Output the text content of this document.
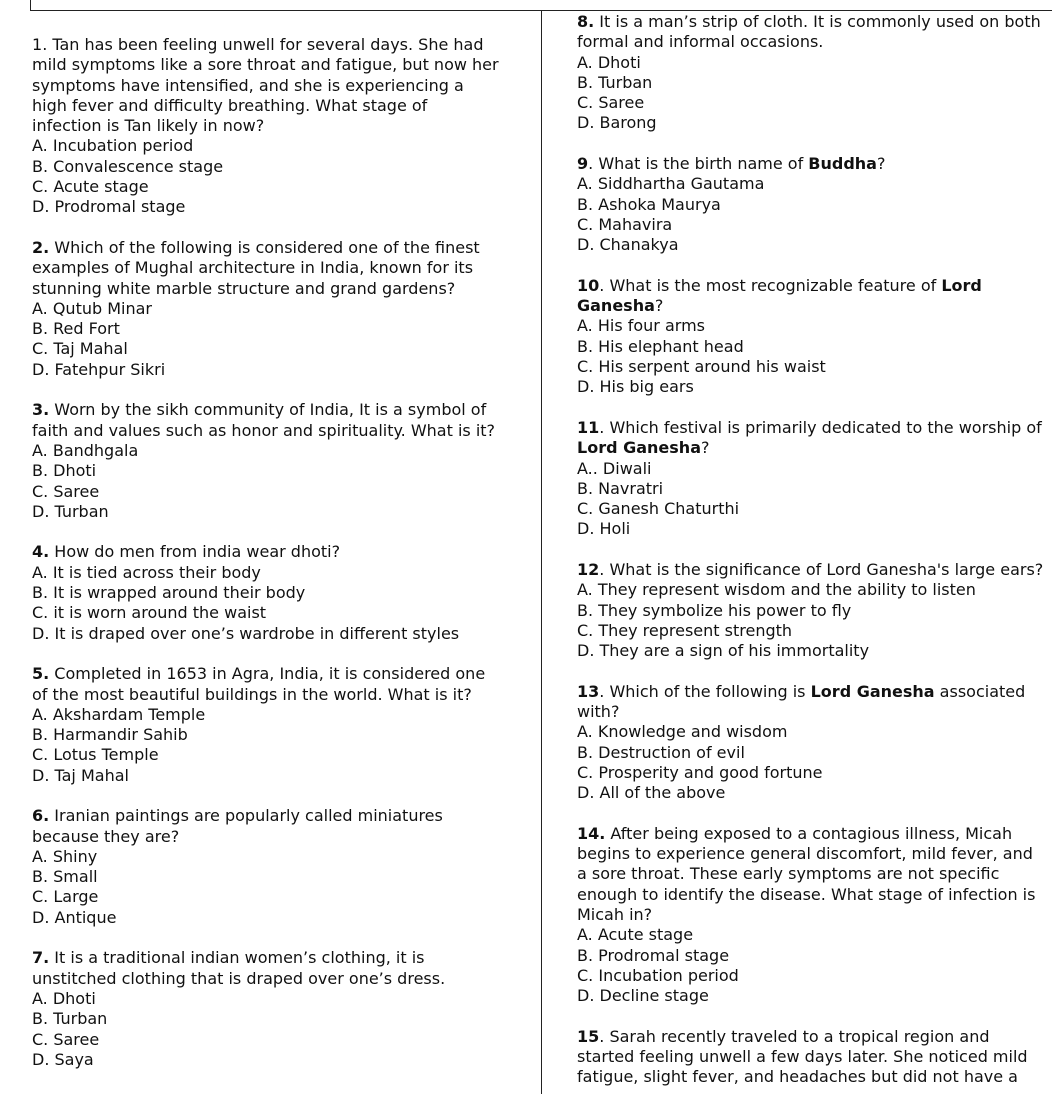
1. Tan has been feeling unwell for several days. She had
mild symptoms like a sore throat and fatigue, but now her
symptoms have intensified, and she is experiencing a
high fever and difficulty breathing. What stage of
infection is Tan likely in now?
A. Incubation period
B. Convalescence stage
C. Acute stage
D. Prodromal stage
2. Which of the following is considered one of the finest
examples of Mughal architecture in India, known for its
stunning white marble structure and grand gardens?
A. Qutub Minar
B. Red Fort
C. Taj Mahal
D. Fatehpur Sikri
3. Worn by the sikh community of India, It is a symbol of
faith and values such as honor and spirituality. What is it?
A. Bandhgala
B. Dhoti
C. Saree
D. Turban
4. How do men from india wear dhoti?
A. It is tied across their body
B. It is wrapped around their body
C. it is worn around the waist
D. It is draped over one’s wardrobe in different styles
5. Completed in 1653 in Agra, India, it is considered one
of the most beautiful buildings in the world. What is it?
A. Akshardam Temple
B. Harmandir Sahib
C. Lotus Temple
D. Taj Mahal
6. Iranian paintings are popularly called miniatures
because they are?
A. Shiny
B. Small
C. Large
D. Antique
7. It is a traditional indian women’s clothing, it is
unstitched clothing that is draped over one’s dress.
A. Dhoti
B. Turban
C. Saree
D. Saya
8. It is a man’s strip of cloth. It is commonly used on both
formal and informal occasions.
A. Dhoti
B. Turban
C. Saree
D. Barong
9. What is the birth name of Buddha?
A. Siddhartha Gautama
B. Ashoka Maurya
C. Mahavira
D. Chanakya
10. What is the most recognizable feature of Lord
Ganesha?
A. His four arms
B. His elephant head
C. His serpent around his waist
D. His big ears
11. Which festival is primarily dedicated to the worship of
Lord Ganesha?
A.. Diwali
B. Navratri
C. Ganesh Chaturthi
D. Holi
12. What is the significance of Lord Ganesha's large ears?
A. They represent wisdom and the ability to listen
B. They symbolize his power to fly
C. They represent strength
D. They are a sign of his immortality
13. Which of the following is Lord Ganesha associated
with?
A. Knowledge and wisdom
B. Destruction of evil
C. Prosperity and good fortune
D. All of the above
14. After being exposed to a contagious illness, Micah
begins to experience general discomfort, mild fever, and
a sore throat. These early symptoms are not specific
enough to identify the disease. What stage of infection is
Micah in?
A. Acute stage
B. Prodromal stage
C. Incubation period
D. Decline stage
15. Sarah recently traveled to a tropical region and
started feeling unwell a few days later. She noticed mild
fatigue, slight fever, and headaches but did not have a
